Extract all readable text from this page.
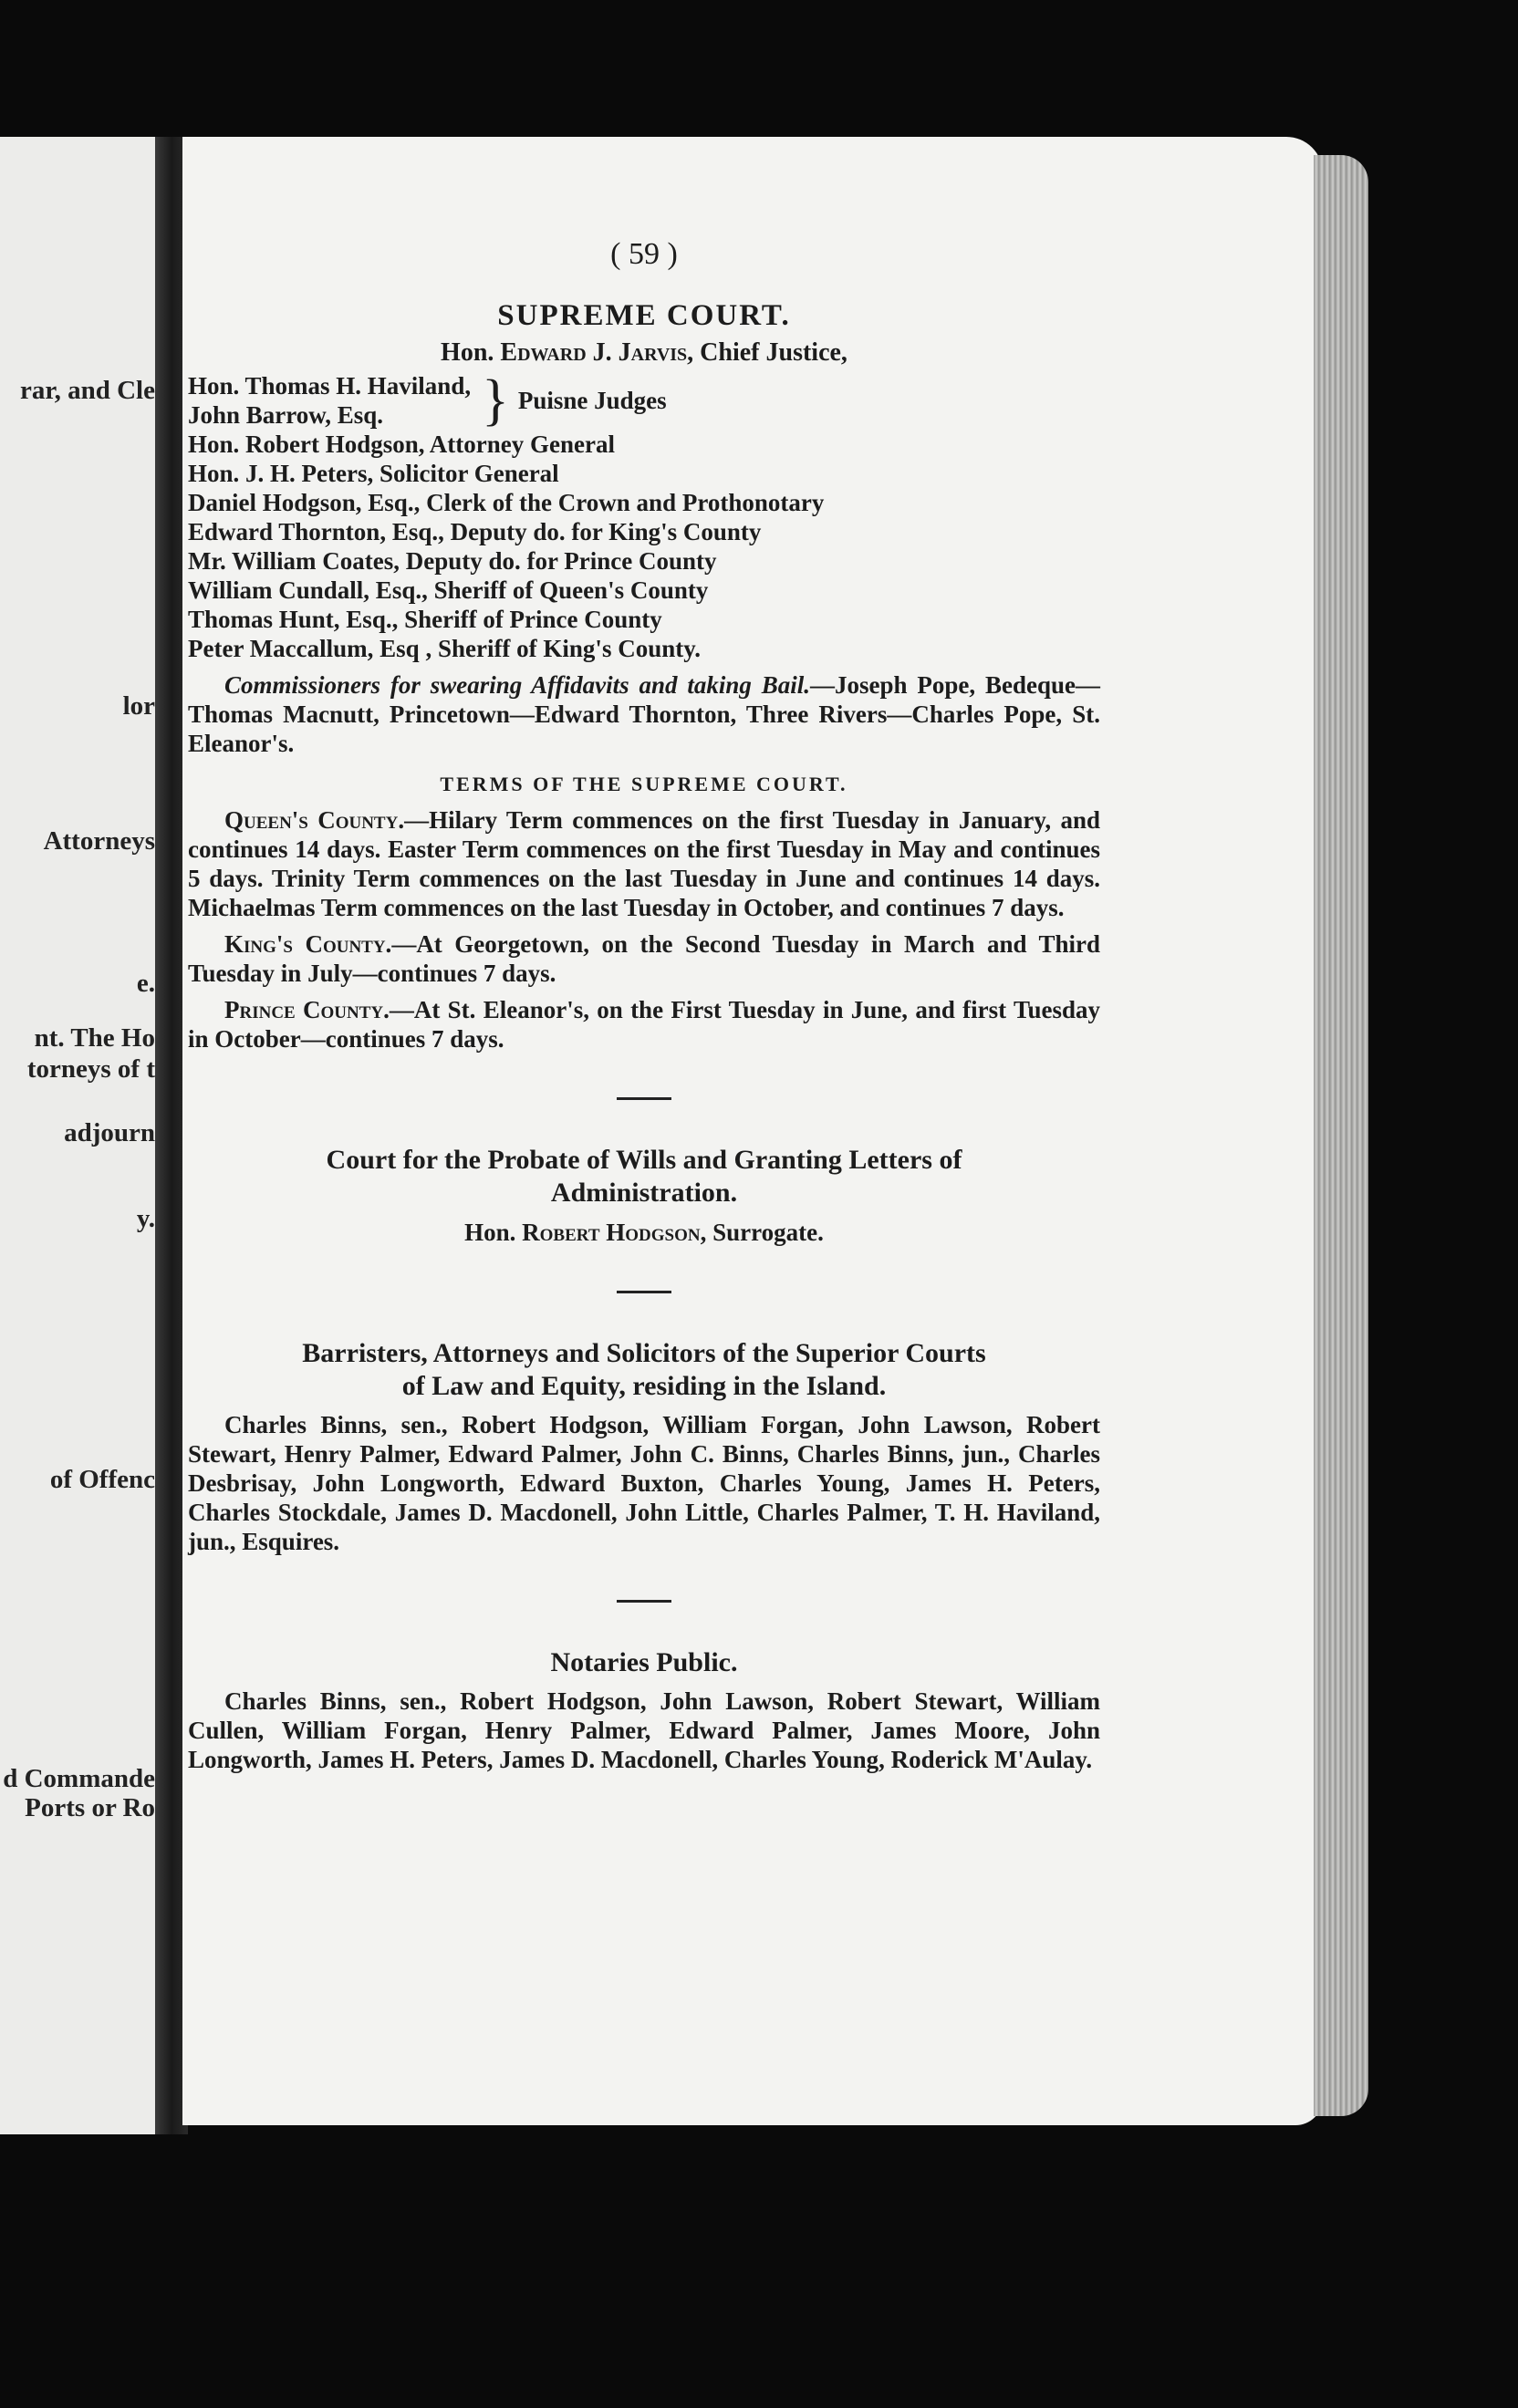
rar, and Cle
lor
Attorneys
e.
nt. The Ho
torneys of t
adjourn
y.
of Offenc
d Commande
Ports or Ro
( 59 )
SUPREME COURT.
Hon. Edward J. Jarvis, Chief Justice,
Hon. Thomas H. Haviland,
John Barrow, Esq.	} Puisne Judges
Hon. Robert Hodgson, Attorney General
Hon. J. H. Peters, Solicitor General
Daniel Hodgson, Esq., Clerk of the Crown and Prothonotary
Edward Thornton, Esq., Deputy do. for King's County
Mr. William Coates, Deputy do. for Prince County
William Cundall, Esq., Sheriff of Queen's County
Thomas Hunt, Esq., Sheriff of Prince County
Peter Maccallum, Esq , Sheriff of King's County.
Commissioners for swearing Affidavits and taking Bail.—Joseph Pope, Bedeque—Thomas Macnutt, Princetown—Edward Thornton, Three Rivers—Charles Pope, St. Eleanor's.
TERMS OF THE SUPREME COURT.
Queen's County.—Hilary Term commences on the first Tuesday in January, and continues 14 days. Easter Term commences on the first Tuesday in May and continues 5 days. Trinity Term commences on the last Tuesday in June and continues 14 days. Michaelmas Term commences on the last Tuesday in October, and continues 7 days.
King's County.—At Georgetown, on the Second Tuesday in March and Third Tuesday in July—continues 7 days.
Prince County.—At St. Eleanor's, on the First Tuesday in June, and first Tuesday in October—continues 7 days.
Court for the Probate of Wills and Granting Letters of
Administration.
Hon. Robert Hodgson, Surrogate.
Barristers, Attorneys and Solicitors of the Superior Courts
of Law and Equity, residing in the Island.
Charles Binns, sen., Robert Hodgson, William Forgan, John Lawson, Robert Stewart, Henry Palmer, Edward Palmer, John C. Binns, Charles Binns, jun., Charles Desbrisay, John Longworth, Edward Buxton, Charles Young, James H. Peters, Charles Stockdale, James D. Macdonell, John Little, Charles Palmer, T. H. Haviland, jun., Esquires.
Notaries Public.
Charles Binns, sen., Robert Hodgson, John Lawson, Robert Stewart, William Cullen, William Forgan, Henry Palmer, Edward Palmer, James Moore, John Longworth, James H. Peters, James D. Macdonell, Charles Young, Roderick M'Aulay.
